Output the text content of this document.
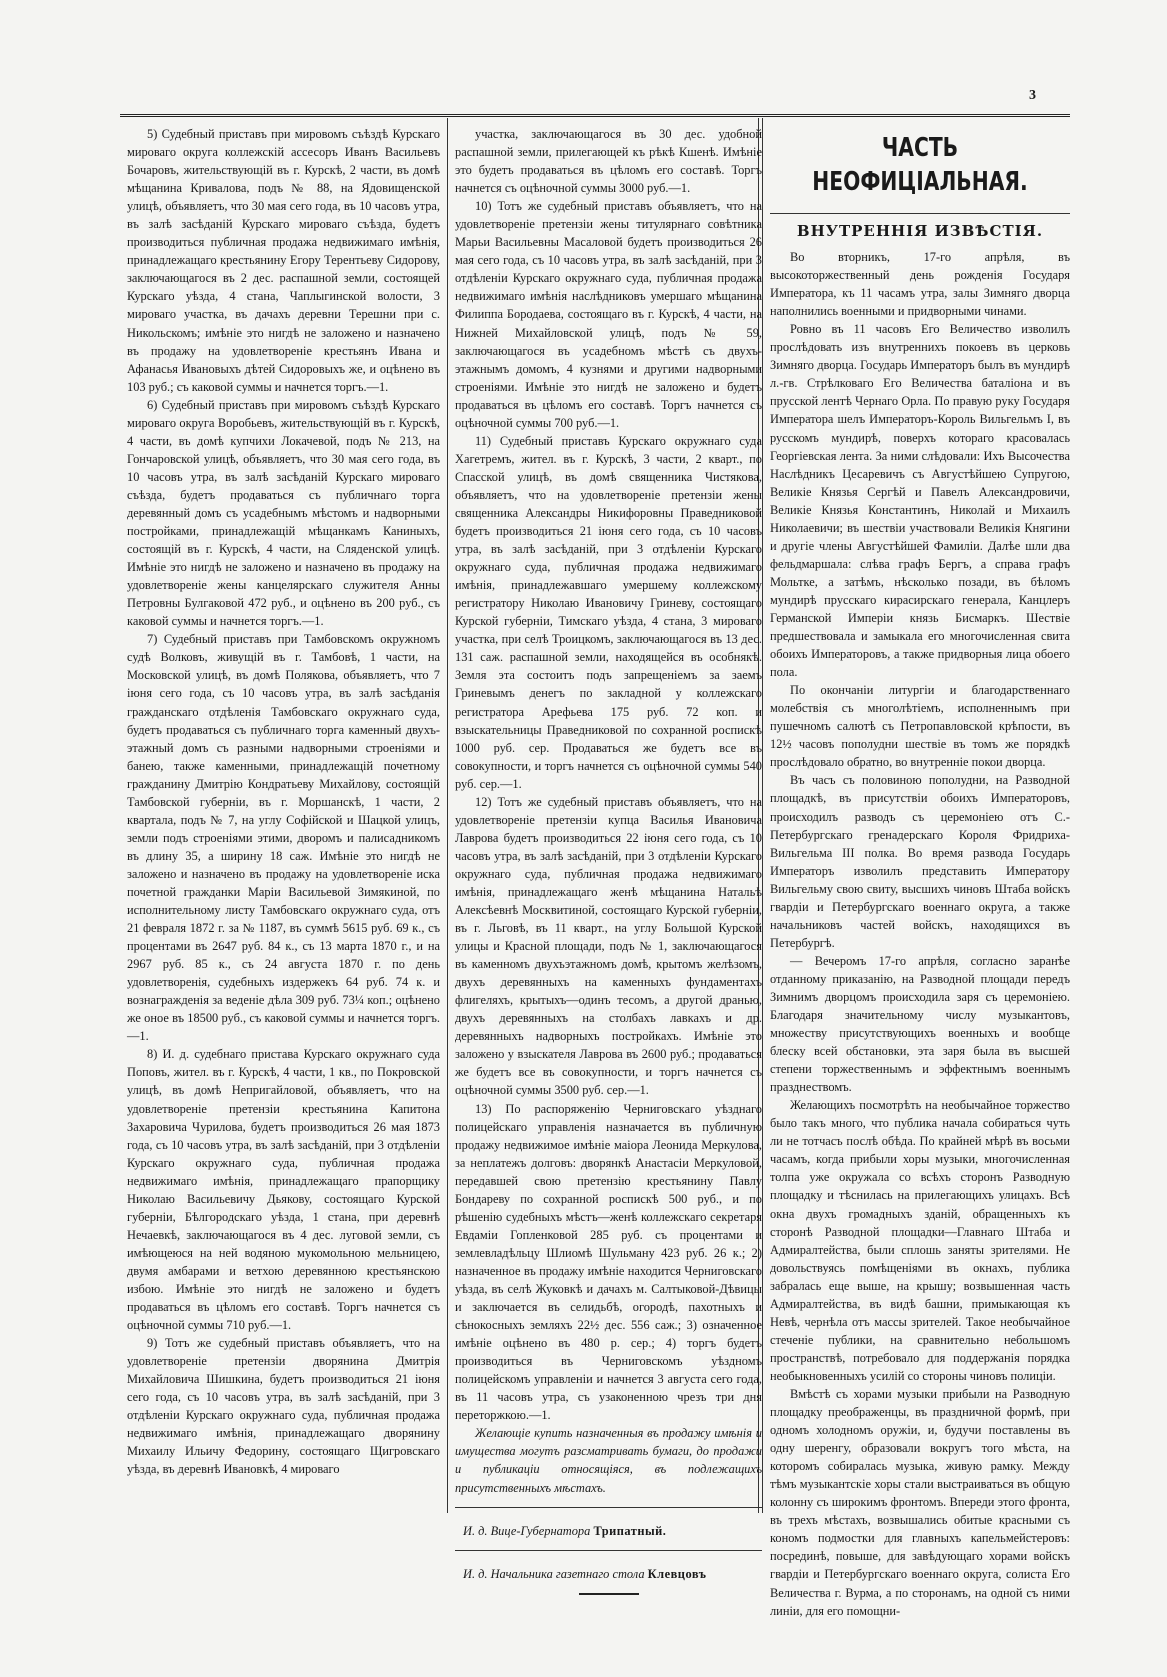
3

5) Судебный приставъ при мировомъ съѣздѣ Курскаго мироваго округа коллежскій ассесоръ Иванъ Васильевъ Бочаровъ, жительствующій въ г. Курскѣ, 2 части, въ домѣ мѣщанина Кривалова, подъ № 88, на Ядовищенской улицѣ, объявляетъ, что 30 мая сего года, въ 10 часовъ утра, въ залѣ засѣданій Курскаго мироваго съѣзда, будетъ производиться публичная продажа недвижимаго имѣнія, принадлежащаго крестьянину Егору Терентьеву Сидорову, заключающагося въ 2 дес. распашной земли, состоящей Курскаго уѣзда, 4 стана, Чаплыгинской волости, 3 мироваго участка, въ дачахъ деревни Терешни при с. Никольскомъ; имѣніе это нигдѣ не заложено и назначено въ продажу на удовлетвореніе крестьянъ Ивана и Афанасья Ивановыхъ дѣтей Сидоровыхъ же, и оцѣнено въ 103 руб.; съ каковой суммы и начнется торгъ.—1.

6) Судебный приставъ при мировомъ съѣздѣ Курскаго мироваго округа Воробьевъ, жительствующій въ г. Курскѣ, 4 части, въ домѣ купчихи Локачевой, подъ № 213, на Гончаровской улицѣ, объявляетъ, что 30 мая сего года, въ 10 часовъ утра, въ залѣ засѣданій Курскаго мироваго съѣзда, будетъ продаваться съ публичнаго торга деревянный домъ съ усадебнымъ мѣстомъ и надворными постройками, принадлежащій мѣщанкамъ Каниныхъ, состоящій въ г. Курскѣ, 4 части, на Сляденской улицѣ. Имѣніе это нигдѣ не заложено и назначено въ продажу на удовлетвореніе жены канцелярскаго служителя Анны Петровны Булгаковой 472 руб., и оцѣнено въ 200 руб., съ каковой суммы и начнется торгъ.—1.

7) Судебный приставъ при Тамбовскомъ окружномъ судѣ Волковъ, живущій въ г. Тамбовѣ, 1 части, на Московской улицѣ, въ домѣ Полякова, объявляетъ, что 7 іюня сего года, съ 10 часовъ утра, въ залѣ засѣданія гражданскаго отдѣленія Тамбовскаго окружнаго суда, будетъ продаваться съ публичнаго торга каменный двухъ-этажный домъ съ разными надворными строеніями и банею, также каменными, принадлежащій почетному гражданину Дмитрію Кондратьеву Михайлову, состоящій Тамбовской губерніи, въ г. Моршанскѣ, 1 части, 2 квартала, подъ № 7, на углу Софійской и Шацкой улицъ, земли подъ строеніями этими, дворомъ и палисадникомъ въ длину 35, а ширину 18 саж. Имѣніе это нигдѣ не заложено и назначено въ продажу на удовлетвореніе иска почетной гражданки Маріи Васильевой Зимякиной, по исполнительному листу Тамбовскаго окружнаго суда, отъ 21 февраля 1872 г. за № 1187, въ суммѣ 5615 руб. 69 к., съ процентами въ 2647 руб. 84 к., съ 13 марта 1870 г., и на 2967 руб. 85 к., съ 24 августа 1870 г. по день удовлетворенія, судебныхъ издержекъ 64 руб. 74 к. и вознагражденія за веденіе дѣла 309 руб. 73¼ коп.; оцѣнено же оное въ 18500 руб., съ каковой суммы и начнется торгъ.—1.

8) И. д. судебнаго пристава Курскаго окружнаго суда Поповъ, жител. въ г. Курскѣ, 4 части, 1 кв., по Покровской улицѣ, въ домѣ Непригайловой, объявляетъ, что на удовлетвореніе претензіи крестьянина Капитона Захаровича Чурилова, будетъ производиться 26 мая 1873 года, съ 10 часовъ утра, въ залѣ засѣданій, при 3 отдѣленіи Курскаго окружнаго суда, публичная продажа недвижимаго имѣнія, принадлежащаго прапорщику Николаю Васильевичу Дьякову, состоящаго Курской губерніи, Бѣлгородскаго уѣзда, 1 стана, при деревнѣ Нечаевкѣ, заключающагося въ 4 дес. луговой земли, съ имѣющеюся на ней водяною мукомольною мельницею, двумя амбарами и ветхою деревянною крестьянскою избою. Имѣніе это нигдѣ не заложено и будетъ продаваться въ цѣломъ его составѣ. Торгъ начнется съ оцѣночной суммы 710 руб.—1.

9) Тотъ же судебный приставъ объявляетъ, что на удовлетвореніе претензіи дворянина Дмитрія Михайловича Шишкина, будетъ производиться 21 іюня сего года, съ 10 часовъ утра, въ залѣ засѣданій, при 3 отдѣленіи Курскаго окружнаго суда, публичная продажа недвижимаго имѣнія, принадлежащаго дворянину Михаилу Ильичу Федорину, состоящаго Щигровскаго уѣзда, въ деревнѣ Ивановкѣ, 4 мироваго

участка, заключающагося въ 30 дес. удобной распашной земли, прилегающей къ рѣкѣ Кшенѣ. Имѣніе это будетъ продаваться въ цѣломъ его составѣ. Торгъ начнется съ оцѣночной суммы 3000 руб.—1.

10) Тотъ же судебный приставъ объявляетъ, что на удовлетвореніе претензіи жены титулярнаго совѣтника Марьи Васильевны Масаловой будетъ производиться 26 мая сего года, съ 10 часовъ утра, въ залѣ засѣданій, при 3 отдѣленіи Курскаго окружнаго суда, публичная продажа недвижимаго имѣнія наслѣдниковъ умершаго мѣщанина Филиппа Бородаева, состоящаго въ г. Курскѣ, 4 части, на Нижней Михайловской улицѣ, подъ № 59, заключающагося въ усадебномъ мѣстѣ съ двухъ-этажнымъ домомъ, 4 кузнями и другими надворными строеніями. Имѣніе это нигдѣ не заложено и будетъ продаваться въ цѣломъ его составѣ. Торгъ начнется съ оцѣночной суммы 700 руб.—1.

11) Судебный приставъ Курскаго окружнаго суда Хагетремъ, жител. въ г. Курскѣ, 3 части, 2 кварт., по Спасской улицѣ, въ домѣ священника Чистякова, объявляетъ, что на удовлетвореніе претензіи жены священника Александры Никифоровны Праведниковой будетъ производиться 21 іюня сего года, съ 10 часовъ утра, въ залѣ засѣданій, при 3 отдѣленіи Курскаго окружнаго суда, публичная продажа недвижимаго имѣнія, принадлежавшаго умершему коллежскому регистратору Николаю Ивановичу Гриневу, состоящаго Курской губерніи, Тимскаго уѣзда, 4 стана, 3 мироваго участка, при селѣ Троицкомъ, заключающагося въ 13 дес. 131 саж. распашной земли, находящейся въ особнякѣ. Земля эта состоитъ подъ запрещеніемъ за заемъ Гриневымъ денегъ по закладной у коллежскаго регистратора Арефьева 175 руб. 72 коп. и взыскательницы Праведниковой по сохранной роспискѣ 1000 руб. сер. Продаваться же будетъ все въ совокупности, и торгъ начнется съ оцѣночной суммы 540 руб. сер.—1.

12) Тотъ же судебный приставъ объявляетъ, что на удовлетвореніе претензіи купца Василья Ивановича Лаврова будетъ производиться 22 іюня сего года, съ 10 часовъ утра, въ залѣ засѣданій, при 3 отдѣленіи Курскаго окружнаго суда, публичная продажа недвижимаго имѣнія, принадлежащаго женѣ мѣщанина Натальѣ Алексѣевнѣ Москвитиной, состоящаго Курской губерніи, въ г. Льговѣ, въ 11 кварт., на углу Большой Курской улицы и Красной площади, подъ № 1, заключающагося въ каменномъ двухъэтажномъ домѣ, крытомъ желѣзомъ, двухъ деревянныхъ на каменныхъ фундаментахъ флигеляхъ, крытыхъ—одинъ тесомъ, а другой дранью, двухъ деревянныхъ на столбахъ лавкахъ и др. деревянныхъ надворныхъ постройкахъ. Имѣніе это заложено у взыскателя Лаврова въ 2600 руб.; продаваться же будетъ все въ совокупности, и торгъ начнется съ оцѣночной суммы 3500 руб. сер.—1.

13) По распоряженію Черниговскаго уѣзднаго полицейскаго управленія назначается въ публичную продажу недвижимое имѣніе маіора Леонида Меркулова, за неплатежъ долговъ: дворянкѣ Анастасіи Меркуловой, передавшей свою претензію крестьянину Павлу Бондареву по сохранной роспискѣ 500 руб., и по рѣшенію судебныхъ мѣстъ—женѣ коллежскаго секретаря Евдаміи Гопленковой 285 руб. съ процентами и землевладѣльцу Шлиомѣ Шульману 423 руб. 26 к.; 2) назначенное въ продажу имѣніе находится Черниговскаго уѣзда, въ селѣ Жуковкѣ и дачахъ м. Салтыковой-Дѣвицы и заключается въ селидьбѣ, огородѣ, пахотныхъ и сѣнокосныхъ земляхъ 22½ дес. 556 саж.; 3) означенное имѣніе оцѣнено въ 480 р. сер.; 4) торгъ будетъ производиться въ Черниговскомъ уѣздномъ полицейскомъ управленіи и начнется 3 августа сего года, въ 11 часовъ утра, съ узаконенною чрезъ три дня переторжкою.—1.

Желающіе купить назначенныя въ продажу имѣнія и имущества могутъ разсматривать бумаги, до продажи и публикаціи относящіяся, въ подлежащихъ присутственныхъ мѣстахъ.

И. д. Вице-Губернатора Трипатный.
И. д. Начальника газетнаго стола Клевцовъ
ЧАСТЬ НЕОФИЦІАЛЬНАЯ.
ВНУТРЕННІЯ ИЗВѢСТІЯ.

Во вторникъ, 17-го апрѣля, въ высокоторжественный день рожденія Государя Императора, къ 11 часамъ утра, залы Зимняго дворца наполнились военными и придворными чинами.

Ровно въ 11 часовъ Его Величество изволилъ прослѣдовать изъ внутреннихъ покоевъ въ церковь Зимняго дворца. Государь Императоръ былъ въ мундирѣ л.-гв. Стрѣлковаго Его Величества баталіона и въ прусской лентѣ Чернаго Орла. По правую руку Государя Императора шелъ Императоръ-Король Вильгельмъ I, въ русскомъ мундирѣ, поверхъ котораго красовалась Георгіевская лента. За ними слѣдовали: Ихъ Высочества Наслѣдникъ Цесаревичъ съ Августѣйшею Супругою, Великіе Князья Сергѣй и Павелъ Александровичи, Великіе Князья Константинъ, Николай и Михаилъ Николаевичи; въ шествіи участвовали Великія Княгини и другіе члены Августѣйшей Фамиліи. Далѣе шли два фельдмаршала: слѣва графъ Бергъ, а справа графъ Мольтке, а затѣмъ, нѣсколько позади, въ бѣломъ мундирѣ прусскаго кирасирскаго генерала, Канцлеръ Германской Имперіи князь Бисмаркъ. Шествіе предшествовала и замыкала его многочисленная свита обоихъ Императоровъ, а также придворныя лица обоего пола.

По окончаніи литургіи и благодарственнаго молебствія съ многолѣтіемъ, исполненнымъ при пушечномъ салютѣ съ Петропавловской крѣпости, въ 12½ часовъ пополудни шествіе въ томъ же порядкѣ прослѣдовало обратно, во внутренніе покои дворца.

Въ часъ съ половиною пополудни, на Разводной площадкѣ, въ присутствіи обоихъ Императоровъ, происходилъ разводъ съ церемоніею отъ С.-Петербургскаго гренадерскаго Короля Фридриха-Вильгельма III полка. Во время развода Государь Императоръ изволилъ представить Императору Вильгельму свою свиту, высшихъ чиновъ Штаба войскъ гвардіи и Петербургскаго военнаго округа, а также начальниковъ частей войскъ, находящихся въ Петербургѣ.

— Вечеромъ 17-го апрѣля, согласно заранѣе отданному приказанію, на Разводной площади передъ Зимнимъ дворцомъ происходила заря съ церемоніею. Благодаря значительному числу музыкантовъ, множеству присутствующихъ военныхъ и вообще блеску всей обстановки, эта заря была въ высшей степени торжественнымъ и эффектнымъ военнымъ празднествомъ.

Желающихъ посмотрѣть на необычайное торжество было такъ много, что публика начала собираться чуть ли не тотчасъ послѣ обѣда. По крайней мѣрѣ въ восьми часамъ, когда прибыли хоры музыки, многочисленная толпа уже окружала со всѣхъ сторонъ Разводную площадку и тѣснилась на прилегающихъ улицахъ. Всѣ окна двухъ громадныхъ зданій, обращенныхъ къ сторонѣ Разводной площадки—Главнаго Штаба и Адмиралтейства, были сплошь заняты зрителями. Не довольствуясь помѣщеніями въ окнахъ, публика забралась еще выше, на крышу; возвышенная часть Адмиралтейства, въ видѣ башни, примыкающая къ Невѣ, чернѣла отъ массы зрителей. Такое необычайное стеченіе публики, на сравнительно небольшомъ пространствѣ, потребовало для поддержанія порядка необыкновенныхъ усилій со стороны чиновъ полиціи.

Вмѣстѣ съ хорами музыки прибыли на Разводную площадку преображенцы, въ праздничной формѣ, при одномъ холодномъ оружіи, и, будучи поставлены въ одну шеренгу, образовали вокругъ того мѣста, на которомъ собиралась музыка, живую рамку. Между тѣмъ музыкантскіе хоры стали выстраиваться въ общую колонну съ широкимъ фронтомъ. Впереди этого фронта, въ трехъ мѣстахъ, возвышались обитые красными съ кономъ подмостки для главныхъ капельмейстеровъ: посрединѣ, повыше, для завѣдующаго хорами войскъ гвардіи и Петербургскаго военнаго округа, солиста Его Величества г. Вурма, а по сторонамъ, на одной съ ними линіи, для его помощни-
